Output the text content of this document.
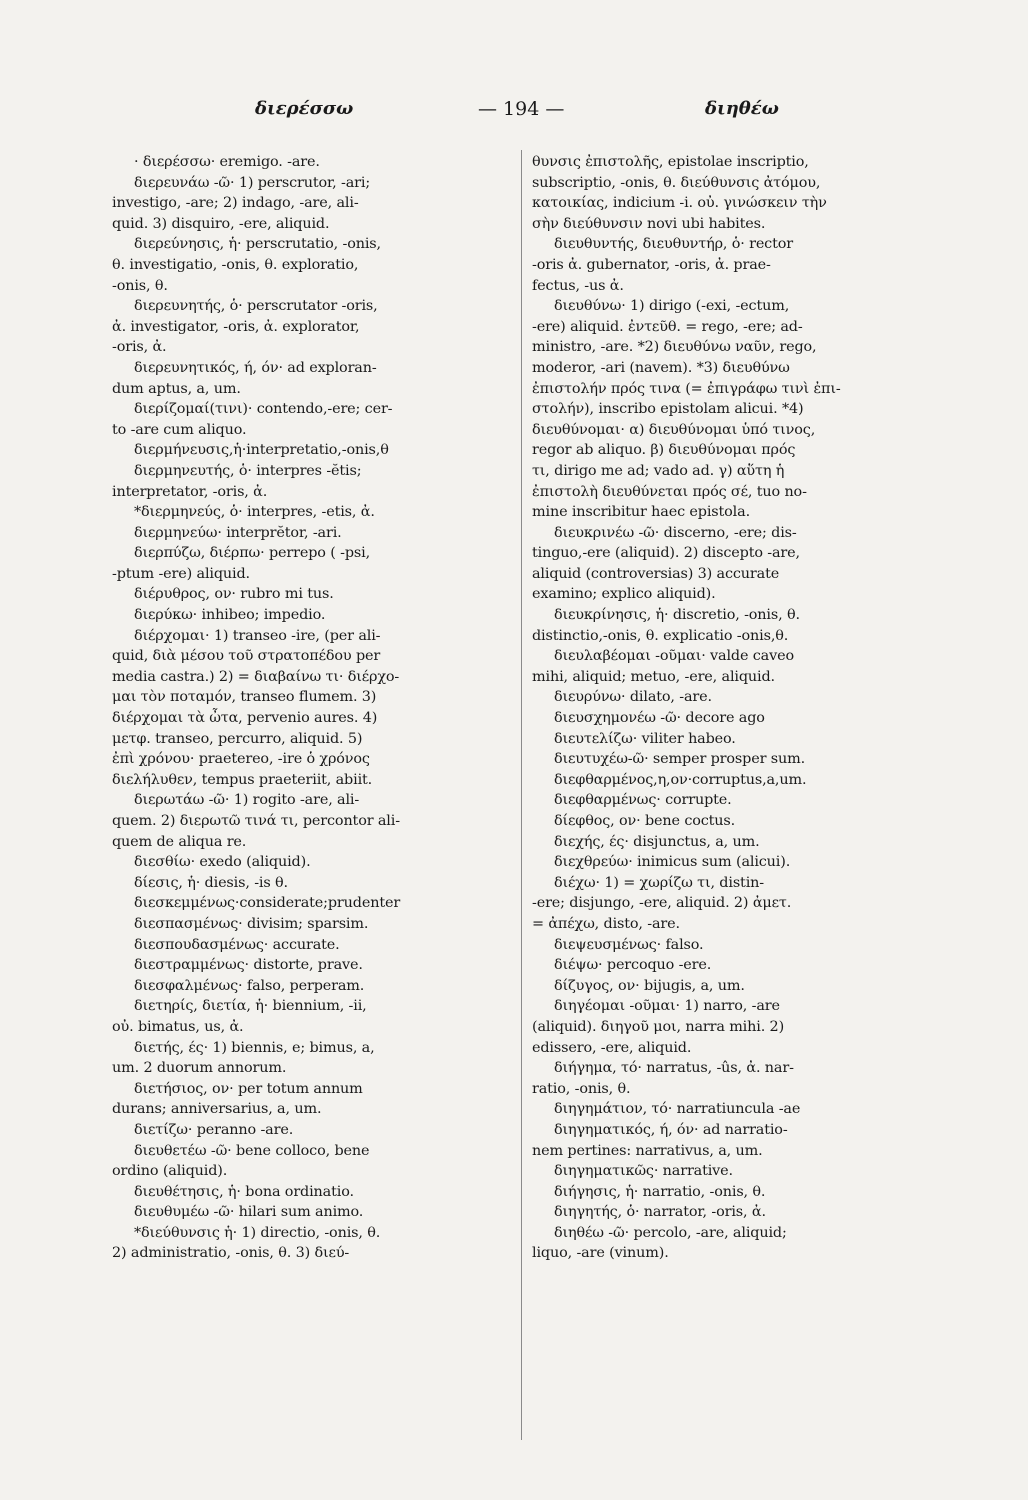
διερέσσω	— 194 —	διηθέω
· διερέσσω· eremigo. -are.
διερευνάω -ῶ· 1) perscrutor, -ari;
investigo, -are; 2) indago, -are, ali-
quid. 3) disquiro, -ere, aliquid.
διερεύνησις, ἡ· perscrutatio, -onis,
θ. investigatio, -onis, θ. exploratio,
-onis, θ.
διερευνητής, ὁ· perscrutator -oris,
ἀ. investigator, -oris, ἀ. explorator,
-oris, ἀ.
διερευνητικός, ή, όν· ad exploran-
dum aptus, a, um.
διερίζομαί(τινι)· contendo,-ere; cer-
to -are cum aliquo.
διερμήνευσις,ἡ·interpretatio,-onis,θ
διερμηνευτής, ὁ· interpres -ĕtis;
interpretator, -oris, ἀ.
*διερμηνεύς, ὁ· interpres, -etis, ἀ.
διερμηνεύω· interprĕtor, -ari.
διερπύζω, διέρπω· perrepo ( -psi,
-ptum -ere) aliquid.
διέρυθρος, ον· rubro mi tus.
διερύκω· inhibeo; impedio.
διέρχομαι· 1) transeo -ire, (per ali-
quid, διὰ μέσου τοῦ στρατοπέδου per
media castra.) 2) = διαβαίνω τι· διέρχο-
μαι τὸν ποταμόν, transeo flumem. 3)
διέρχομαι τὰ ὦτα, pervenio aures. 4)
μετφ. transeo, percurro, aliquid. 5)
ἐπὶ χρόνου· praetereo, -ire ὁ χρόνος
διελήλυθεν, tempus praeteriit, abiit.
διερωτάω -ῶ· 1) rogito -are, ali-
quem. 2) διερωτῶ τινά τι, percontor ali-
quem de aliqua re.
διεσθίω· exedo (aliquid).
δίεσις, ἡ· diesis, -is θ.
διεσκεμμένως·considerate;prudenter
διεσπασμένως· divisim; sparsim.
διεσπουδασμένως· accurate.
διεστραμμένως· distorte, prave.
διεσφαλμένως· falso, perperam.
διετηρίς, διετία, ἡ· biennium, -ii,
οὐ. bimatus, us, ἀ.
διετής, ές· 1) biennis, e; bimus, a,
um. 2 duorum annorum.
διετήσιος, ον· per totum annum
durans; anniversarius, a, um.
διετίζω· peranno -are.
διευθετέω -ῶ· bene colloco, bene
ordino (aliquid).
διευθέτησις, ἡ· bona ordinatio.
διευθυμέω -ῶ· hilari sum animo.
*διεύθυνσις ἡ· 1) directio, -onis, θ.
2) administratio, -onis, θ. 3) διεύ-
θυνσις ἐπιστολῆς, epistolae inscriptio,
subscriptio, -onis, θ. διεύθυνσις ἀτόμου,
κατοικίας, indicium -i. οὐ. γινώσκειν τὴν
σὴν διεύθυνσιν novi ubi habites.
διευθυντής, διευθυντήρ, ὁ· rector
-oris ἀ. gubernator, -oris, ἀ. prae-
fectus, -us ἀ.
διευθύνω· 1) dirigo (-exi, -ectum,
-ere) aliquid. ἐντεῦθ. = rego, -ere; ad-
ministro, -are. *2) διευθύνω ναῦν, rego,
moderor, -ari (navem). *3) διευθύνω
ἐπιστολήν πρός τινα (= ἐπιγράφω τινὶ ἐπι-
στολήν), inscribo epistolam alicui. *4)
διευθύνομαι· α) διευθύνομαι ὑπό τινος,
regor ab aliquo. β) διευθύνομαι πρός
τι, dirigo me ad; vado ad. γ) αὕτη ἡ
ἐπιστολὴ διευθύνεται πρός σέ, tuo no-
mine inscribitur haec epistola.
διευκρινέω -ῶ· discerno, -ere; dis-
tinguo,-ere (aliquid). 2) discepto -are,
aliquid (controversias) 3) accurate
examino; explico aliquid).
διευκρίνησις, ἡ· discretio, -onis, θ.
distinctio,-onis, θ. explicatio -onis,θ.
διευλαβέομαι -οῦμαι· valde caveo
mihi, aliquid; metuo, -ere, aliquid.
διευρύνω· dilato, -are.
διευσχημονέω -ῶ· decore ago
διευτελίζω· viliter habeo.
διευτυχέω-ῶ· semper prosper sum.
διεφθαρμένος,η,ον·corruptus,a,um.
διεφθαρμένως· corrupte.
δίεφθος, ον· bene coctus.
διεχής, ές· disjunctus, a, um.
διεχθρεύω· inimicus sum (alicui).
διέχω· 1) = χωρίζω τι, distin-
-ere; disjungo, -ere, aliquid. 2) ἀμετ.
= ἀπέχω, disto, -are.
διεψευσμένως· falso.
διέψω· percoquo -ere.
δίζυγος, ον· bijugis, a, um.
διηγέομαι -οῦμαι· 1) narro, -are
(aliquid). διηγοῦ μοι, narra mihi. 2)
edissero, -ere, aliquid.
διήγημα, τό· narratus, -ûs, ἀ. nar-
ratio, -onis, θ.
διηγημάτιον, τό· narratiuncula -ae
διηγηματικός, ή, όν· ad narratio-
nem pertines: narrativus, a, um.
διηγηματικῶς· narrative.
διήγησις, ἡ· narratio, -onis, θ.
διηγητής, ὁ· narrator, -oris, ἀ.
διηθέω -ῶ· percolo, -are, aliquid;
liquo, -are (vinum).
